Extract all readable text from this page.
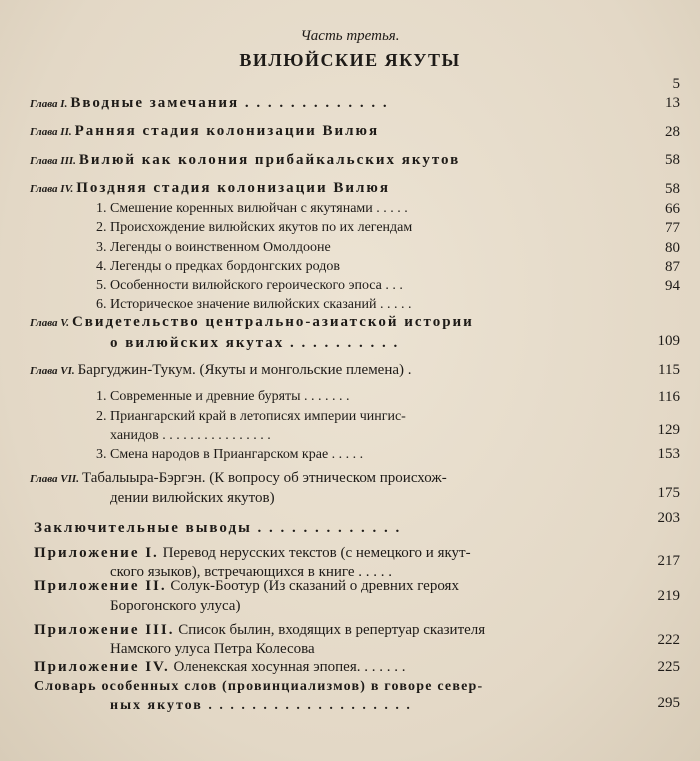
Часть третья.
ВИЛЮЙСКИЕ ЯКУТЫ
5
Глава I. Вводные замечания . . . . . . . . . . . . .	13
Глава II. Ранняя стадия колонизации Вилюя	28
Глава III. Вилюй как колония прибайкальских якутов	58
Глава IV. Поздняя стадия колонизации Вилюя	58
1. Смешение коренных вилюйчан с якутянами . . . . .	66
2. Происхождение вилюйских якутов по их легендам	77
3. Легенды о воинственном Омолдооне	80
4. Легенды о предках бордонгских родов	87
5. Особенности вилюйского героического эпоса . . .	94
6. Историческое значение вилюйских сказаний . . . . .
Глава V. Свидетельство центрально-азиатской истории
о вилюйских якутах . . . . . . . . . .	109
Глава VI. Баргуджин-Тукум. (Якуты и монгольские племена) .	115
1. Современные и древние буряты . . . . . . .	116
2. Приангарский край в летописях империи чингис-
ханидов . . . . . . . . . . . . . . . .	129
3. Смена народов в Приангарском крае . . . . .	153
Глава VII. Табалыыра-Бэргэн. (К вопросу об этническом происхож-
дении вилюйских якутов)	175
Заключительные выводы . . . . . . . . . . . . .
203
Приложение I. Перевод нерусских текстов (с немецкого и якут-
ского языков), встречающихся в книге . . . . .
217
Приложение II. Солук-Боотур (Из сказаний о древних героях
Борогонского улуса)
219
Приложение III. Список былин, входящих в репертуар сказителя
Намского улуса Петра Колесова
222
Приложение IV. Оленекская хосунная эпопея. . . . . . .	225
Словарь особенных слов (провинциализмов) в говоре север-
ных якутов . . . . . . . . . . . . . . . . . . .	295
